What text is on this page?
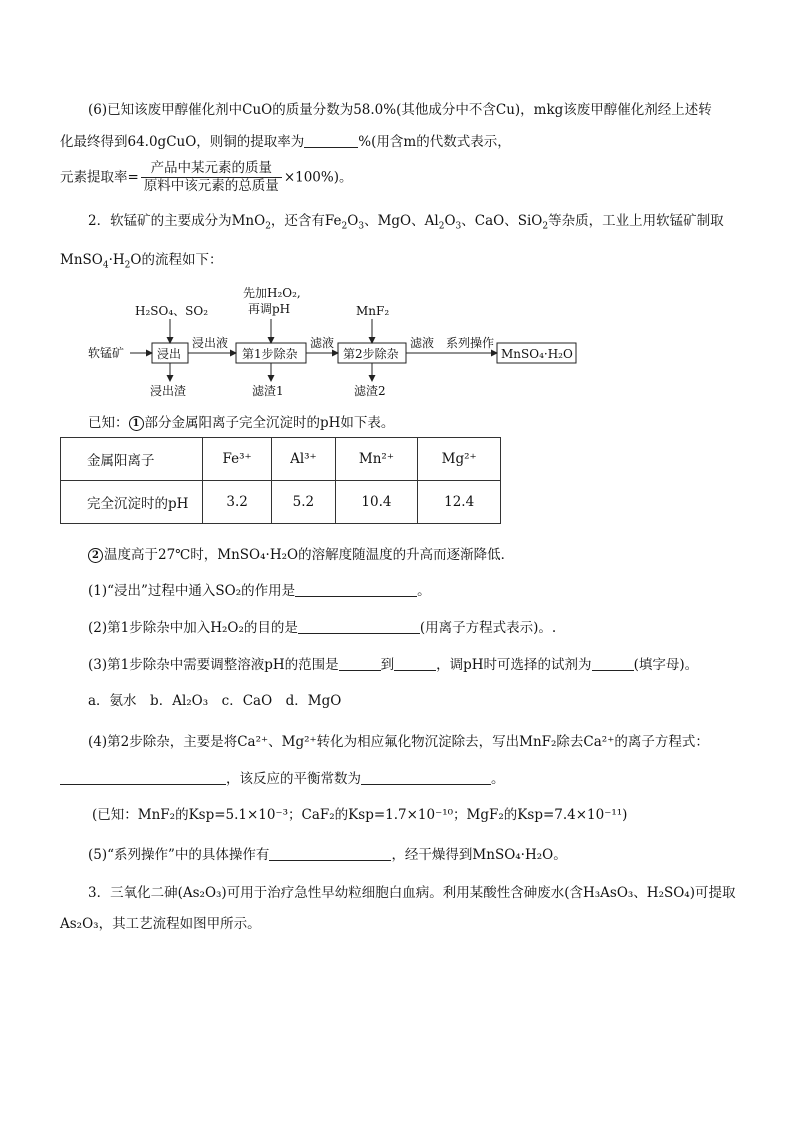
(6)已知该废甲醇催化剂中CuO的质量分数为58.0%(其他成分中不含Cu)，mkg该废甲醇催化剂经上述转
化最终得到64.0gCuO，则铜的提取率为	%(用含m的代数式表示，
元素提取率= $\frac{\text{产品中某元素的质量}}{\text{原料中该元素的总质量}} \times 100\%$)。
2．软锰矿的主要成分为MnO$_2$，还含有$Fe_2O_3$、MgO、$Al_2O_3$、CaO、SiO$_2$等杂质，工业上用软锰矿制取
$MnSO_4\cdot H_2O$的流程如下：
软锰矿	浸出
H₂SO₄、SO₂
浸出渣
浸出液
第1步除杂
先加H₂O₂,
再调pH
滤渣1
滤液
第2步除杂
MnF₂
滤渣2
滤液 系列操作
MnSO₄·H₂O
已知： 1 部分金属阳离子完全沉淀时的pH如下表。
金属阳离子	Fe³⁺	Al³⁺	Mn²⁺	Mg²⁺
完全沉淀时的pH	3.2	5.2	10.4	12.4
2 温度高于27℃时，MnSO₄·H₂O的溶解度随温度的升高而逐渐降低．
(1)“浸出”过程中通入SO₂的作用是	。
(2)第1步除杂中加入H₂O₂的目的是	(用离子方程式表示)。.
(3)第1步除杂中需要调整溶液pH的范围是	到	，调pH时可选择的试剂为	(填字母)。
a．氨水　b．Al₂O₃　c．CaO　d．MgO
(4)第2步除杂，主要是将Ca²⁺、Mg²⁺转化为相应氟化物沉淀除去，写出MnF₂除去Ca²⁺的离子方程式：
，该反应的平衡常数为	。
(已知：MnF₂的Ksp=5.1×10⁻³；CaF₂的Ksp=1.7×10⁻¹⁰；MgF₂的Ksp=7.4×10⁻¹¹)
(5)“系列操作”中的具体操作有	，经干燥得到MnSO₄·H₂O。
3．三氧化二砷(As₂O₃)可用于治疗急性早幼粒细胞白血病。利用某酸性含砷废水(含H₃AsO₃、H₂SO₄)可提取
As₂O₃，其工艺流程如图甲所示。
